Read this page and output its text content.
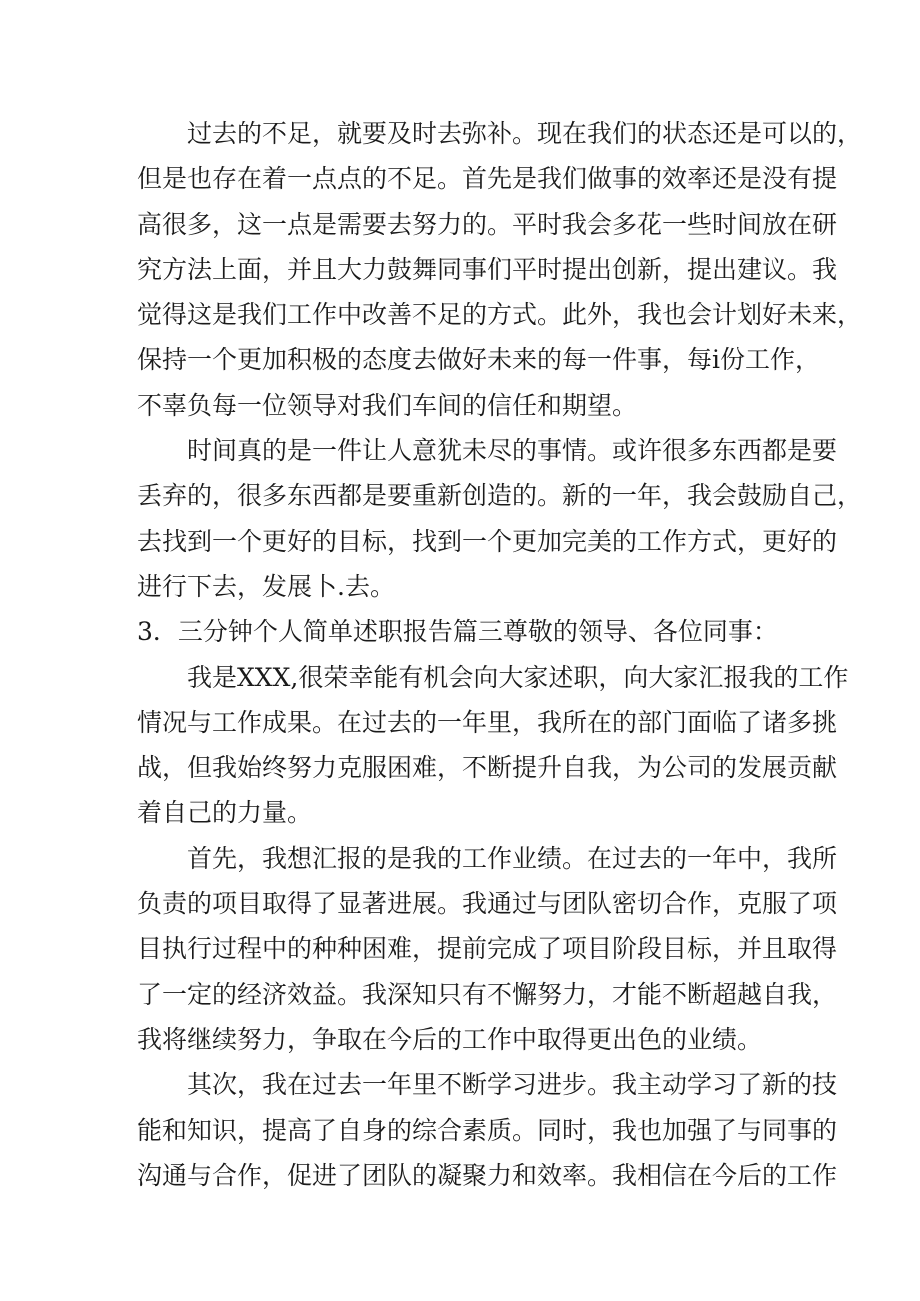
过去的不足，就要及时去弥补。现在我们的状态还是可以的，
但是也存在着一点点的不足。首先是我们做事的效率还是没有提
高很多，这一点是需要去努力的。平时我会多花一些时间放在研
究方法上面，并且大力鼓舞同事们平时提出创新，提出建议。我
觉得这是我们工作中改善不足的方式。此外，我也会计划好未来，
保持一个更加积极的态度去做好未来的每一件事，每i份工作，
不辜负每一位领导对我们车间的信任和期望。
时间真的是一件让人意犹未尽的事情。或许很多东西都是要
丢弃的，很多东西都是要重新创造的。新的一年，我会鼓励自己，
去找到一个更好的目标，找到一个更加完美的工作方式，更好的
进行下去，发展卜.去。
3．三分钟个人简单述职报告篇三尊敬的领导、各位同事：
我是XXX,很荣幸能有机会向大家述职，向大家汇报我的工作
情况与工作成果。在过去的一年里，我所在的部门面临了诸多挑
战，但我始终努力克服困难，不断提升自我，为公司的发展贡献
着自己的力量。
首先，我想汇报的是我的工作业绩。在过去的一年中，我所
负责的项目取得了显著进展。我通过与团队密切合作，克服了项
目执行过程中的种种困难，提前完成了项目阶段目标，并且取得
了一定的经济效益。我深知只有不懈努力，才能不断超越自我，
我将继续努力，争取在今后的工作中取得更出色的业绩。
其次，我在过去一年里不断学习进步。我主动学习了新的技
能和知识，提高了自身的综合素质。同时，我也加强了与同事的
沟通与合作，促进了团队的凝聚力和效率。我相信在今后的工作
